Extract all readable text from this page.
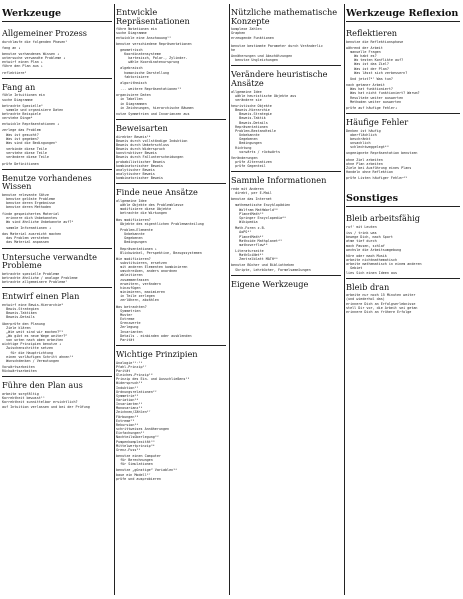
Werkzeuge
Allgemeiner Prozess
durchlaufe die folgenden Phasen¹
fang an ↓
benutze vorhandenes Wissen ↓
untersuche verwandte Probleme ↓
entwirf einen Plan ↓
führe den Plan aus ↓
reflektiere²
Fang an
fühle Intuitionen ein
suche Diagramme
betrachte Spezielle³
sammle und organisiere Daten
betrachte Beispiele
verstehe Dinge⁴
entwickle Repräsentationen ↓
zerlege das Problem
Was ist gesucht?
Was ist gegeben?
Was sind die Bedingungen⁵
verbinde diese Teile
verstehe diese Teile
verändere diese Teile
prüfe Definitionen
Benutze vorhandenes Wissen
benutze relevante Sätze
benutze gelöste Probleme
benutze deren Ergebnisse
benutze deren Methoden
finde gespeichertes Material
erinnere dich Unbekanntes
Wo sind ähnliche Unbekannte auf?⁶
sammle Informationen ↓
das Material ausreicht machen
das Problem verstehen
das Material anpassen
Untersuche verwandte Probleme
betrachte spezielle Probleme
betrachte ähnliche / analoge Probleme
betrachte allgemeinere Probleme⁷
Entwirf einen Plan
entwirf eine Bewis-Hierarchie⁸
Bewis-Strategien
Beweis-Taktiken
Beweis-Details
überprüfe den Planung
Ziele klären
„Wie weit sind wir machen?“⁹
„Wo gibt es neue Wege weiter?“
von unten nach oben arbeiten
wichtige Prinzipien benutze ↓
Zwischenschritte setzen
für die Hauptrichtung
einen vorläufigen Schritt ahnen¹⁰
Wunschdenken / Vermutungen
Vorwärtsarbeiten
Rückwärtsarbeiten
Führe den Plan aus
arbeite sorgfältig
Korrektheit bewusst¹¹
Korrektheit sunnittelbar ersichtlich?
auf Intuition verlassen und bei der Prüfung
Entwickle Repräsentationen
führe Notationen ein
suche Diagramme
entwickle eine Anschauung¹²
benutze verschiedene Repräsentationen
geometrisch
Koordinatensysteme
kartesisch, Polar-, Zylinder-
wähle Koordinatenursprung
algebraisch
homonische Darstellung
faktorisiere
algorithmisch
... weitere Repräsentationen¹³
organisiere Daten
in Tabellen
in Diagrammen
in Zeichnungen, hierarchische Bäumen
nutze Symmetrien und Invarianzen aus
Beweisarten
direkter Beweis¹⁴
Beweis durch vollständige Induktion
Beweis durch Umkehrschluss
Beweis durch Widerspruch
konstruktiver Beweis
Beweis durch Fallunterscheidungen
probabilistischer Beweis
kombinatorischer Beweis
analytischer Beweis
analytischer Beweis
kombinatorischer Beweis
Finde neue Ansätze
allgemeine Idee
wähle Objekte des Problemklasse
modifiziere diese Objekte
betrachte die Wirkungen
Was modifizieren?
Objekte des eigentlichen Problemanteilung
Problem-Elemente
Unbekannte
Gegebenen
Bedingungen
Repräsentationen ↓
Blickwinkel, Perspektive, Bezugssystemen
Wie modifizieren?
substituieren, ersetzen
mit anderen Elementen kombinieren
umschreiben, anders anordnen
ableitieren
zusammenfassen
erweitern, verändern
hinzufügen
minimieren, maximieren
in Teile zerlegen
zerlöhern, abzählen
Was betrachten?
Symmetrien
Muster
Extreme
Grenzwerte
Zerlegung
Invarianten
Details - einbinden oder ausblenden
Parität
Wichtige Prinzipien
Analogie¹⁵·¹⁶
Pfahl-Prinzip¹⁷
Parität
Gleiches-Prinzip¹⁸
Prinzip des Ein- und Ausschließens¹⁹
Widerspruch²⁰
Induktion²¹
Ordnungsrelationen²²
Symmetrie²³
Variation²⁴
Invarianten²⁵
Monovarianz²⁶
Zeichnen/Zählen²⁷
Färbungen²⁸
Extreme²⁹
Rekursion³⁰
schrittweises Annäherungen
Einfachungen³¹
Nachteilsüberlegung³²
Pumpenkomplexität³³
Mittelwertprinzip³⁴
Grenz-Fuss³⁵
benutze einen Computer
für Berechnungen
für Simulationen
benutze „günstige“ Variablen³⁶
baue ein Modell³⁷
prüfe und ausprobieren
Nützliche mathematische Konzepte
komplexe Zahlen
Graphen
erzeugende Funktionen
benutze bestimmte Parameter durch Veränderlic
he
Annäherungen und Abschätzungen
benutze Ungleichungen
Verändere heuristische Ansätze
allgemeine Idee
wähle heuristische Objekte aus
verändere sie
heuristische Objekte
Beweis-Hierarchie
Beweis-Strategie
Beweis-Taktik
Beweis-Details
Repräsentationen
Problem-Bestandteile
Unbekannte
Gegebenen
Bedingungen
Richtung
vorwärts / rückwärts
Veränderungen
prüfe Alternativen
prüfe Gegenteil
Sammle Informationen
rede mit Anderen
direkt, per E-Mail
benutze das Internet
mathematische Enzyklopädien
Wolfram MathWorld³⁸
PlanetMath³⁹
Springer Encyclopedia⁴⁰
Wikipedia
Math-Foren z.B.
AoPS⁴¹
PlanetMath⁴²
Mathoide Mathplanet⁴³
mathoverflow⁴⁴
Literaturseite
MathSciNet⁴⁵
Zentralblatt MATH⁴⁶
benutze Bücher und Bibliotheken
Skripte, Lehrbücher, Formelsammlungen
Eigene Werkzeuge
Werkzeuge Reflexion
Reflektieren
benutze die Reflektionsphase
während der Arbeit
manuelle Fragen
Wo habt es?
Wo testen Konflikte auf?
Was ist das Ziel?
Was ist der Plan?
Was lässt sich verbessern?
Und jetzt?⁴⁷ Was tun?
nach getaner Arbeit
Was hat funktioniert?
Was hat nicht funktioniert? Warum?
Resultate weiter auswerten
Methoden weiter auswerten
prüfe auf häufige Fehler↓
Häufige Fehler
Denken ist häufig
oberflächlich
beschränkt
unsachlich
schlechtweggelegt⁴⁸
ungeeignete Repräsentation benutzen
ohne Ziel arbeiten
ohne Plan arbeiten
Ziele bei Ausführung eines Plans
Handeln ohne Reflektion
prüfe Listen häufiger Fehler⁴⁹
Sonstiges
Bleib arbeitsfähig
ruf' mit Leuten
iss / trink was
bewege Dich, mach Sport
atme tief durch
mach Pausen, schlaf
wechsle die Arbeitsumgebung
höre oder mach Musik
arbeite nichtmathematisch
arbeite mathematisch in einem anderen
Gebiet
lies Sich einen Ideen aus
Bleib dran
arbeite nur noch 15 Minuten weiter
(und wiederhol das)
erinnere Dich an Erfolgserlebnisse
stell Dir vor, die Arbeit sei getan
erinnere Dich an frühere Erfolge
